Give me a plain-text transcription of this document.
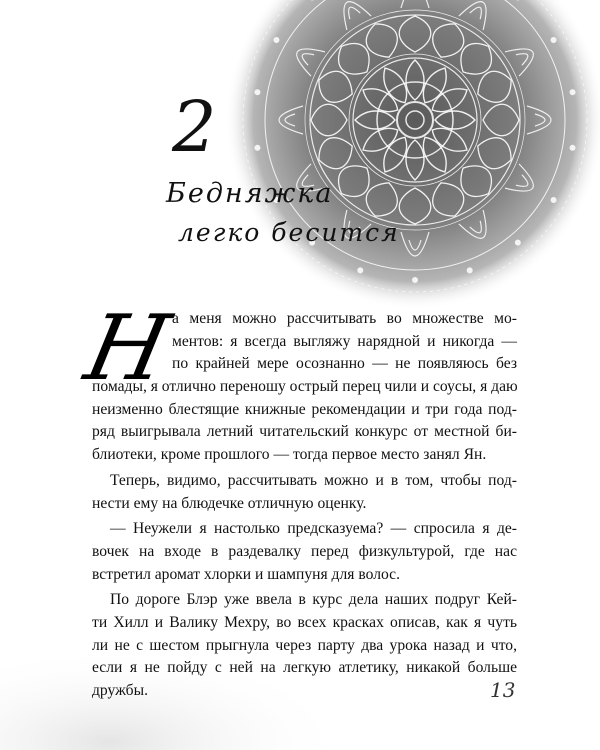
2
Бедняжка
легко бесится
Н
а меня можно рассчитывать во множестве мо-
ментов: я всегда выгляжу нарядной и никогда —
по крайней мере осознанно — не появляюсь без
помады, я отлично переношу острый перец чили и соусы, я даю
неизменно блестящие книжные рекомендации и три года под-
ряд выигрывала летний читательский конкурс от местной би-
блиотеки, кроме прошлого — тогда первое место занял Ян.
Теперь, видимо, рассчитывать можно и в том, чтобы под-
нести ему на блюдечке отличную оценку.
— Неужели я настолько предсказуема? — спросила я де-
вочек на входе в раздевалку перед физкультурой, где нас
встретил аромат хлорки и шампуня для волос.
По дороге Блэр уже ввела в курс дела наших подруг Кей-
ти Хилл и Валику Мехру, во всех красках описав, как я чуть
ли не с шестом прыгнула через парту два урока назад и что,
если я не пойду с ней на легкую атлетику, никакой больше
дружбы.	13
